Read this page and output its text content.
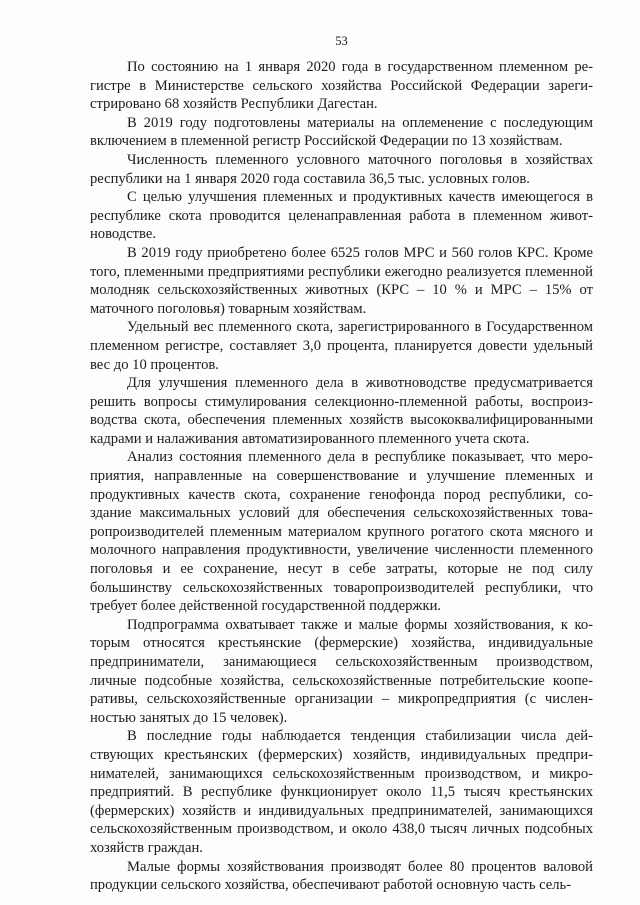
53

По состоянию на 1 января 2020 года в государственном племенном регистре в Министерстве сельского хозяйства Российской Федерации зарегистрировано 68 хозяйств Республики Дагестан.

В 2019 году подготовлены материалы на оплеменение с последующим включением в племенной регистр Российской Федерации по 13 хозяйствам.

Численность племенного условного маточного поголовья в хозяйствах республики на 1 января 2020 года составила 36,5 тыс. условных голов.

С целью улучшения племенных и продуктивных качеств имеющегося в республике скота проводится целенаправленная работа в племенном животноводстве.

В 2019 году приобретено более 6525 голов МРС и 560 голов КРС. Кроме того, племенными предприятиями республики ежегодно реализуется племенной молодняк сельскохозяйственных животных (КРС – 10 % и МРС – 15% от маточного поголовья) товарным хозяйствам.

Удельный вес племенного скота, зарегистрированного в Государственном племенном регистре, составляет 3,0 процента, планируется довести удельный вес до 10 процентов.

Для улучшения племенного дела в животноводстве предусматривается решить вопросы стимулирования селекционно-племенной работы, воспроизводства скота, обеспечения племенных хозяйств высококвалифицированными кадрами и налаживания автоматизированного племенного учета скота.

Анализ состояния племенного дела в республике показывает, что мероприятия, направленные на совершенствование и улучшение племенных и продуктивных качеств скота, сохранение генофонда пород республики, создание максимальных условий для обеспечения сельскохозяйственных товаропроизводителей племенным материалом крупного рогатого скота мясного и молочного направления продуктивности, увеличение численности племенного поголовья и ее сохранение, несут в себе затраты, которые не под силу большинству сельскохозяйственных товаропроизводителей республики, что требует более действенной государственной поддержки.

Подпрограмма охватывает также и малые формы хозяйствования, к которым относятся крестьянские (фермерские) хозяйства, индивидуальные предприниматели, занимающиеся сельскохозяйственным производством, личные подсобные хозяйства, сельскохозяйственные потребительские кооперативы, сельскохозяйственные организации – микропредприятия (с численностью занятых до 15 человек).

В последние годы наблюдается тенденция стабилизации числа действующих крестьянских (фермерских) хозяйств, индивидуальных предпринимателей, занимающихся сельскохозяйственным производством, и микропредприятий. В республике функционирует около 11,5 тысяч крестьянских (фермерских) хозяйств и индивидуальных предпринимателей, занимающихся сельскохозяйственным производством, и около 438,0 тысяч личных подсобных хозяйств граждан.

Малые формы хозяйствования производят более 80 процентов валовой продукции сельского хозяйства, обеспечивают работой основную часть сель-
